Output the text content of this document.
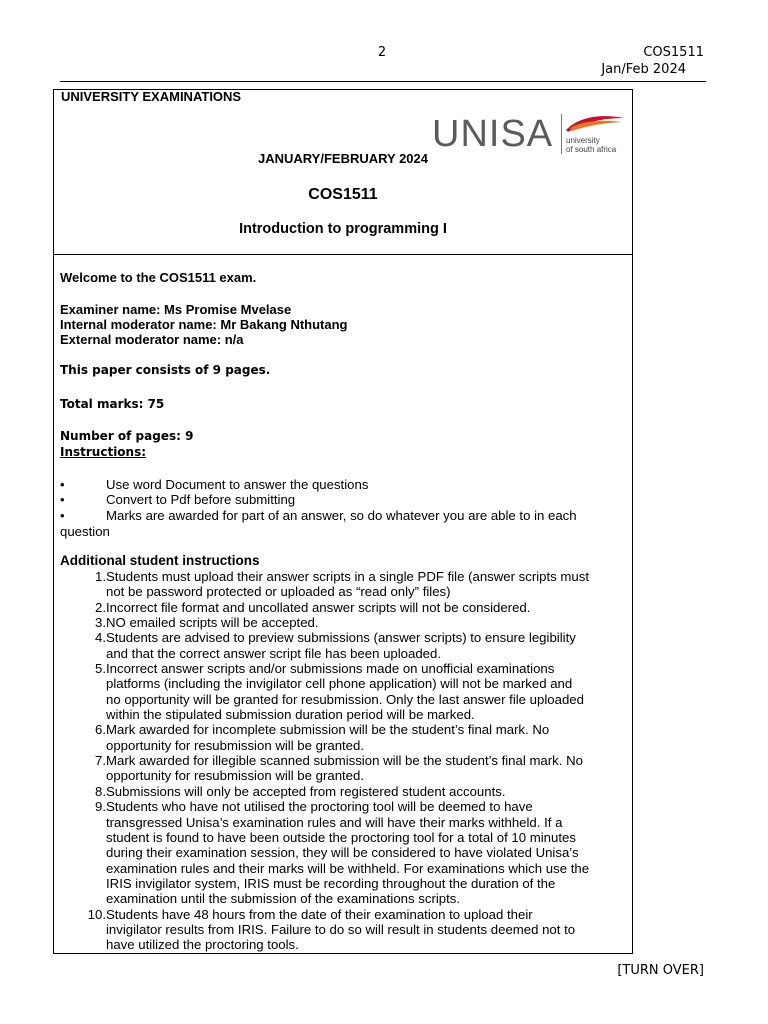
2	COS1511
Jan/Feb 2024
UNIVERSITY EXAMINATIONS
UNISA university
of south africa
JANUARY/FEBRUARY 2024
COS1511
Introduction to programming I
Welcome to the COS1511 exam.
Examiner name: Ms Promise Mvelase
Internal moderator name: Mr Bakang Nthutang
External moderator name: n/a
This paper consists of 9 pages.
Total marks: 75
Number of pages: 9
Instructions:
•	Use word Document to answer the questions
•	Convert to Pdf before submitting
•	Marks are awarded for part of an answer, so do whatever you are able to in each
question
Additional student instructions
1. Students must upload their answer scripts in a single PDF file (answer scripts must
not be password protected or uploaded as “read only” files)
2. Incorrect file format and uncollated answer scripts will not be considered.
3. NO emailed scripts will be accepted.
4. Students are advised to preview submissions (answer scripts) to ensure legibility
and that the correct answer script file has been uploaded.
5. Incorrect answer scripts and/or submissions made on unofficial examinations
platforms (including the invigilator cell phone application) will not be marked and
no opportunity will be granted for resubmission. Only the last answer file uploaded
within the stipulated submission duration period will be marked.
6. Mark awarded for incomplete submission will be the student’s final mark. No
opportunity for resubmission will be granted.
7. Mark awarded for illegible scanned submission will be the student’s final mark. No
opportunity for resubmission will be granted.
8. Submissions will only be accepted from registered student accounts.
9. Students who have not utilised the proctoring tool will be deemed to have
transgressed Unisa’s examination rules and will have their marks withheld. If a
student is found to have been outside the proctoring tool for a total of 10 minutes
during their examination session, they will be considered to have violated Unisa’s
examination rules and their marks will be withheld. For examinations which use the
IRIS invigilator system, IRIS must be recording throughout the duration of the
examination until the submission of the examinations scripts.
10. Students have 48 hours from the date of their examination to upload their
invigilator results from IRIS. Failure to do so will result in students deemed not to
have utilized the proctoring tools.
[TURN OVER]
